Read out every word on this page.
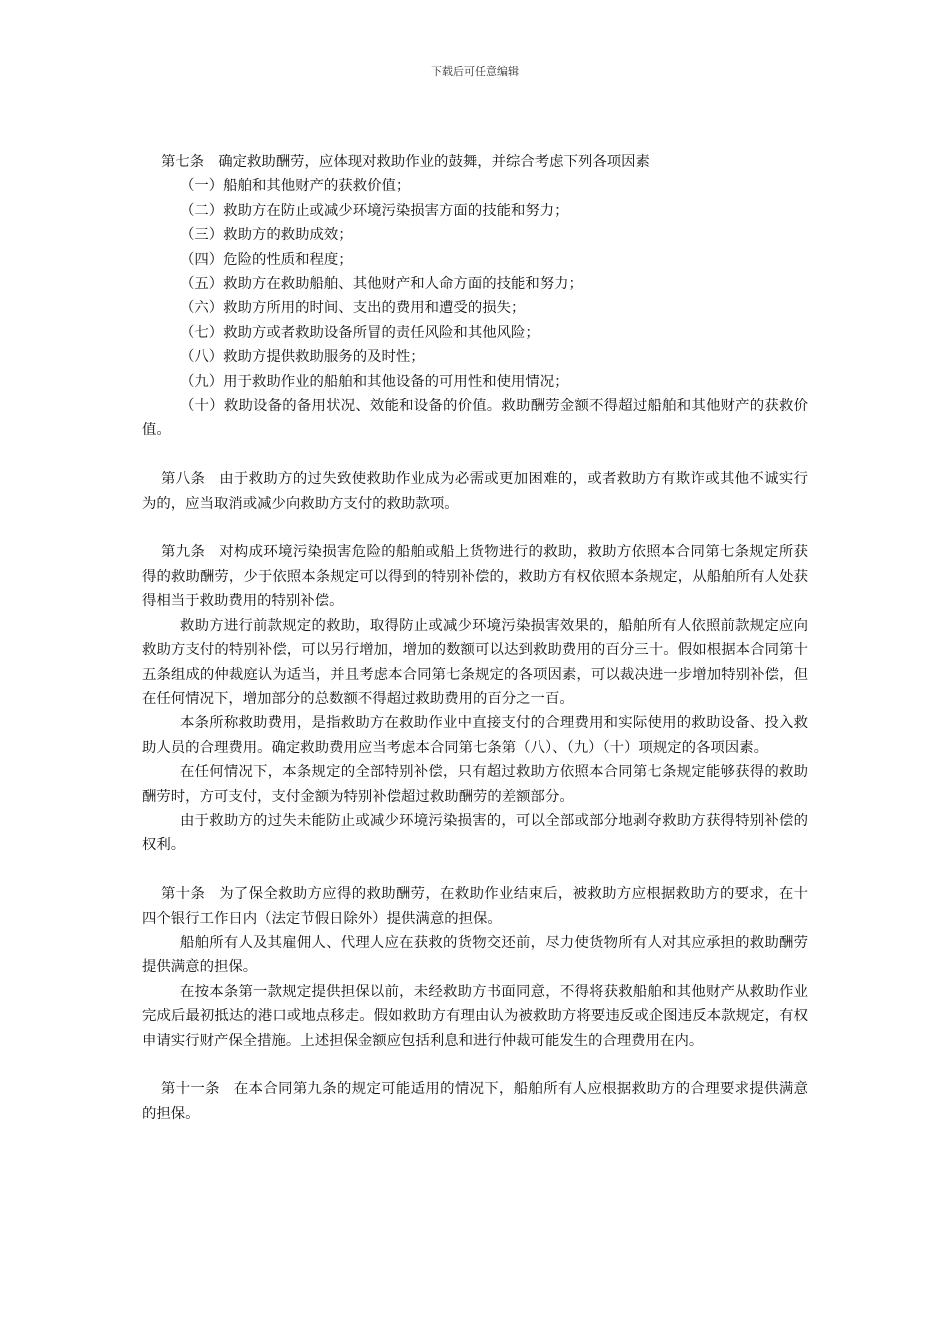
下载后可任意编辑

第七条 确定救助酬劳，应体现对救助作业的鼓舞，并综合考虑下列各项因素

（一）船舶和其他财产的获救价值；

（二）救助方在防止或减少环境污染损害方面的技能和努力；

（三）救助方的救助成效；

（四）危险的性质和程度；

（五）救助方在救助船舶、其他财产和人命方面的技能和努力；

（六）救助方所用的时间、支出的费用和遭受的损失；

（七）救助方或者救助设备所冒的责任风险和其他风险；

（八）救助方提供救助服务的及时性；

（九）用于救助作业的船舶和其他设备的可用性和使用情况；

（十）救助设备的备用状况、效能和设备的价值。救助酬劳金额不得超过船舶和其他财产的获救价值。

第八条 由于救助方的过失致使救助作业成为必需或更加困难的，或者救助方有欺诈或其他不诚实行为的，应当取消或减少向救助方支付的救助款项。

第九条 对构成环境污染损害危险的船舶或船上货物进行的救助，救助方依照本合同第七条规定所获得的救助酬劳，少于依照本条规定可以得到的特别补偿的，救助方有权依照本条规定，从船舶所有人处获得相当于救助费用的特别补偿。

救助方进行前款规定的救助，取得防止或减少环境污染损害效果的，船舶所有人依照前款规定应向救助方支付的特别补偿，可以另行增加，增加的数额可以达到救助费用的百分三十。假如根据本合同第十五条组成的仲裁庭认为适当，并且考虑本合同第七条规定的各项因素，可以裁决进一步增加特别补偿，但在任何情况下，增加部分的总数额不得超过救助费用的百分之一百。

本条所称救助费用，是指救助方在救助作业中直接支付的合理费用和实际使用的救助设备、投入救助人员的合理费用。确定救助费用应当考虑本合同第七条第（八）、（九）（十）项规定的各项因素。

在任何情况下，本条规定的全部特别补偿，只有超过救助方依照本合同第七条规定能够获得的救助酬劳时，方可支付，支付金额为特别补偿超过救助酬劳的差额部分。

由于救助方的过失未能防止或减少环境污染损害的，可以全部或部分地剥夺救助方获得特别补偿的权利。

第十条 为了保全救助方应得的救助酬劳，在救助作业结束后，被救助方应根据救助方的要求，在十四个银行工作日内（法定节假日除外）提供满意的担保。

船舶所有人及其雇佣人、代理人应在获救的货物交还前，尽力使货物所有人对其应承担的救助酬劳提供满意的担保。

在按本条第一款规定提供担保以前，未经救助方书面同意，不得将获救船舶和其他财产从救助作业完成后最初抵达的港口或地点移走。假如救助方有理由认为被救助方将要违反或企图违反本款规定，有权申请实行财产保全措施。上述担保金额应包括利息和进行仲裁可能发生的合理费用在内。

第十一条 在本合同第九条的规定可能适用的情况下，船舶所有人应根据救助方的合理要求提供满意的担保。
